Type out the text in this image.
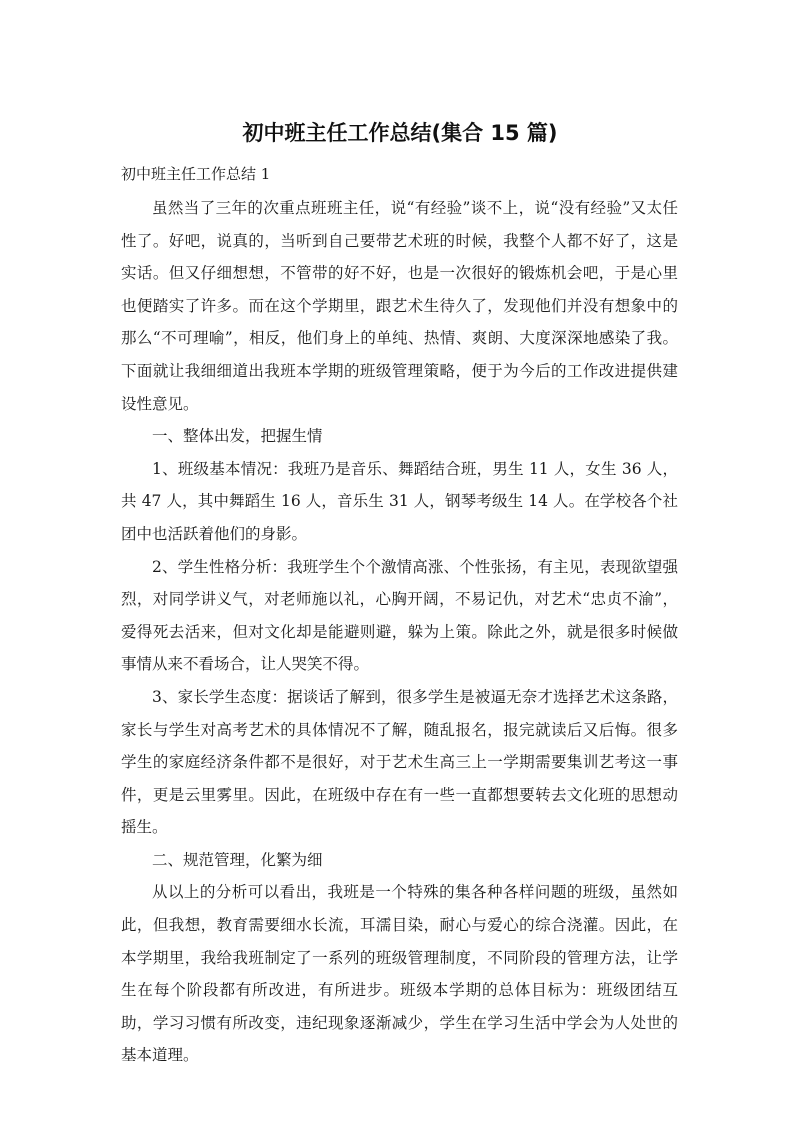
初中班主任工作总结(集合 15 篇)
初中班主任工作总结 1

虽然当了三年的次重点班班主任，说“有经验”谈不上，说“没有经验”又太任性了。好吧，说真的，当听到自己要带艺术班的时候，我整个人都不好了，这是实话。但又仔细想想，不管带的好不好，也是一次很好的锻炼机会吧，于是心里也便踏实了许多。而在这个学期里，跟艺术生待久了，发现他们并没有想象中的那么“不可理喻”，相反，他们身上的单纯、热情、爽朗、大度深深地感染了我。下面就让我细细道出我班本学期的班级管理策略，便于为今后的工作改进提供建设性意见。

一、整体出发，把握生情

1、班级基本情况：我班乃是音乐、舞蹈结合班，男生 11 人，女生 36 人，共 47 人，其中舞蹈生 16 人，音乐生 31 人，钢琴考级生 14 人。在学校各个社团中也活跃着他们的身影。

2、学生性格分析：我班学生个个激情高涨、个性张扬，有主见，表现欲望强烈，对同学讲义气，对老师施以礼，心胸开阔，不易记仇，对艺术“忠贞不渝”，爱得死去活来，但对文化却是能避则避，躲为上策。除此之外，就是很多时候做事情从来不看场合，让人哭笑不得。

3、家长学生态度：据谈话了解到，很多学生是被逼无奈才选择艺术这条路，家长与学生对高考艺术的具体情况不了解，随乱报名，报完就读后又后悔。很多学生的家庭经济条件都不是很好，对于艺术生高三上一学期需要集训艺考这一事件，更是云里雾里。因此，在班级中存在有一些一直都想要转去文化班的思想动摇生。

二、规范管理，化繁为细

从以上的分析可以看出，我班是一个特殊的集各种各样问题的班级，虽然如此，但我想，教育需要细水长流，耳濡目染，耐心与爱心的综合浇灌。因此，在本学期里，我给我班制定了一系列的班级管理制度，不同阶段的管理方法，让学生在每个阶段都有所改进，有所进步。班级本学期的总体目标为：班级团结互助，学习习惯有所改变，违纪现象逐渐减少，学生在学习生活中学会为人处世的基本道理。
